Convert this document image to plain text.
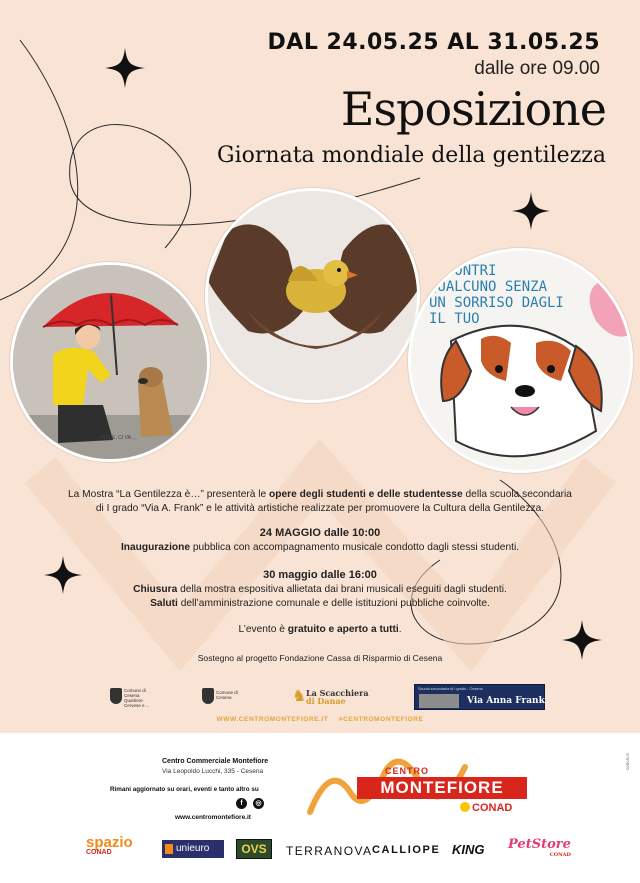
DAL 24.05.25 AL 31.05.25
dalle ore 09.00
Esposizione
Giornata mondiale della gentilezza
... il SOLE, CI VA ...
INCONTRI
QUALCUNO SENZA
UN SORRISO DAGLI
IL TUO
La Mostra “La Gentilezza è…” presenterà le opere degli studenti e delle studentesse della scuola secondaria
di I grado “Via A. Frank” e le attività artistiche realizzate per promuovere la Cultura della Gentilezza.
24 MAGGIO dalle 10:00
Inaugurazione pubblica con accompagnamento musicale condotto dagli stessi studenti.
30 maggio dalle 16:00
Chiusura della mostra espositiva allietata dai brani musicali eseguiti dagli studenti.
Saluti dell’amministrazione comunale e delle istituzioni pubbliche coinvolte.
L’evento è gratuito e aperto a tutti.
Sostegno al progetto Fondazione Cassa di Risparmio di Cesena
Comune di Cesena Quartiere Cervese e ...
Comune di Cesena	♞ La Scacchiera
di Danae
Scuola secondaria di I grado - Cesena
Via Anna Frank
WWW.CENTROMONTEFIORE.IT #CENTROMONTEFIORE
Centro Commerciale Montefiore
Via Leopoldo Lucchi, 335 - Cesena
Rimani aggiornato su orari, eventi e tanto altro su
f	◎
www.centromontefiore.it
CENTRO
MONTEFIORE
CONAD
ceriolo.it
spazio
CONAD	unieuro	OVS	TERRANOVA CALLIOPE KING PetStore
CONAD
